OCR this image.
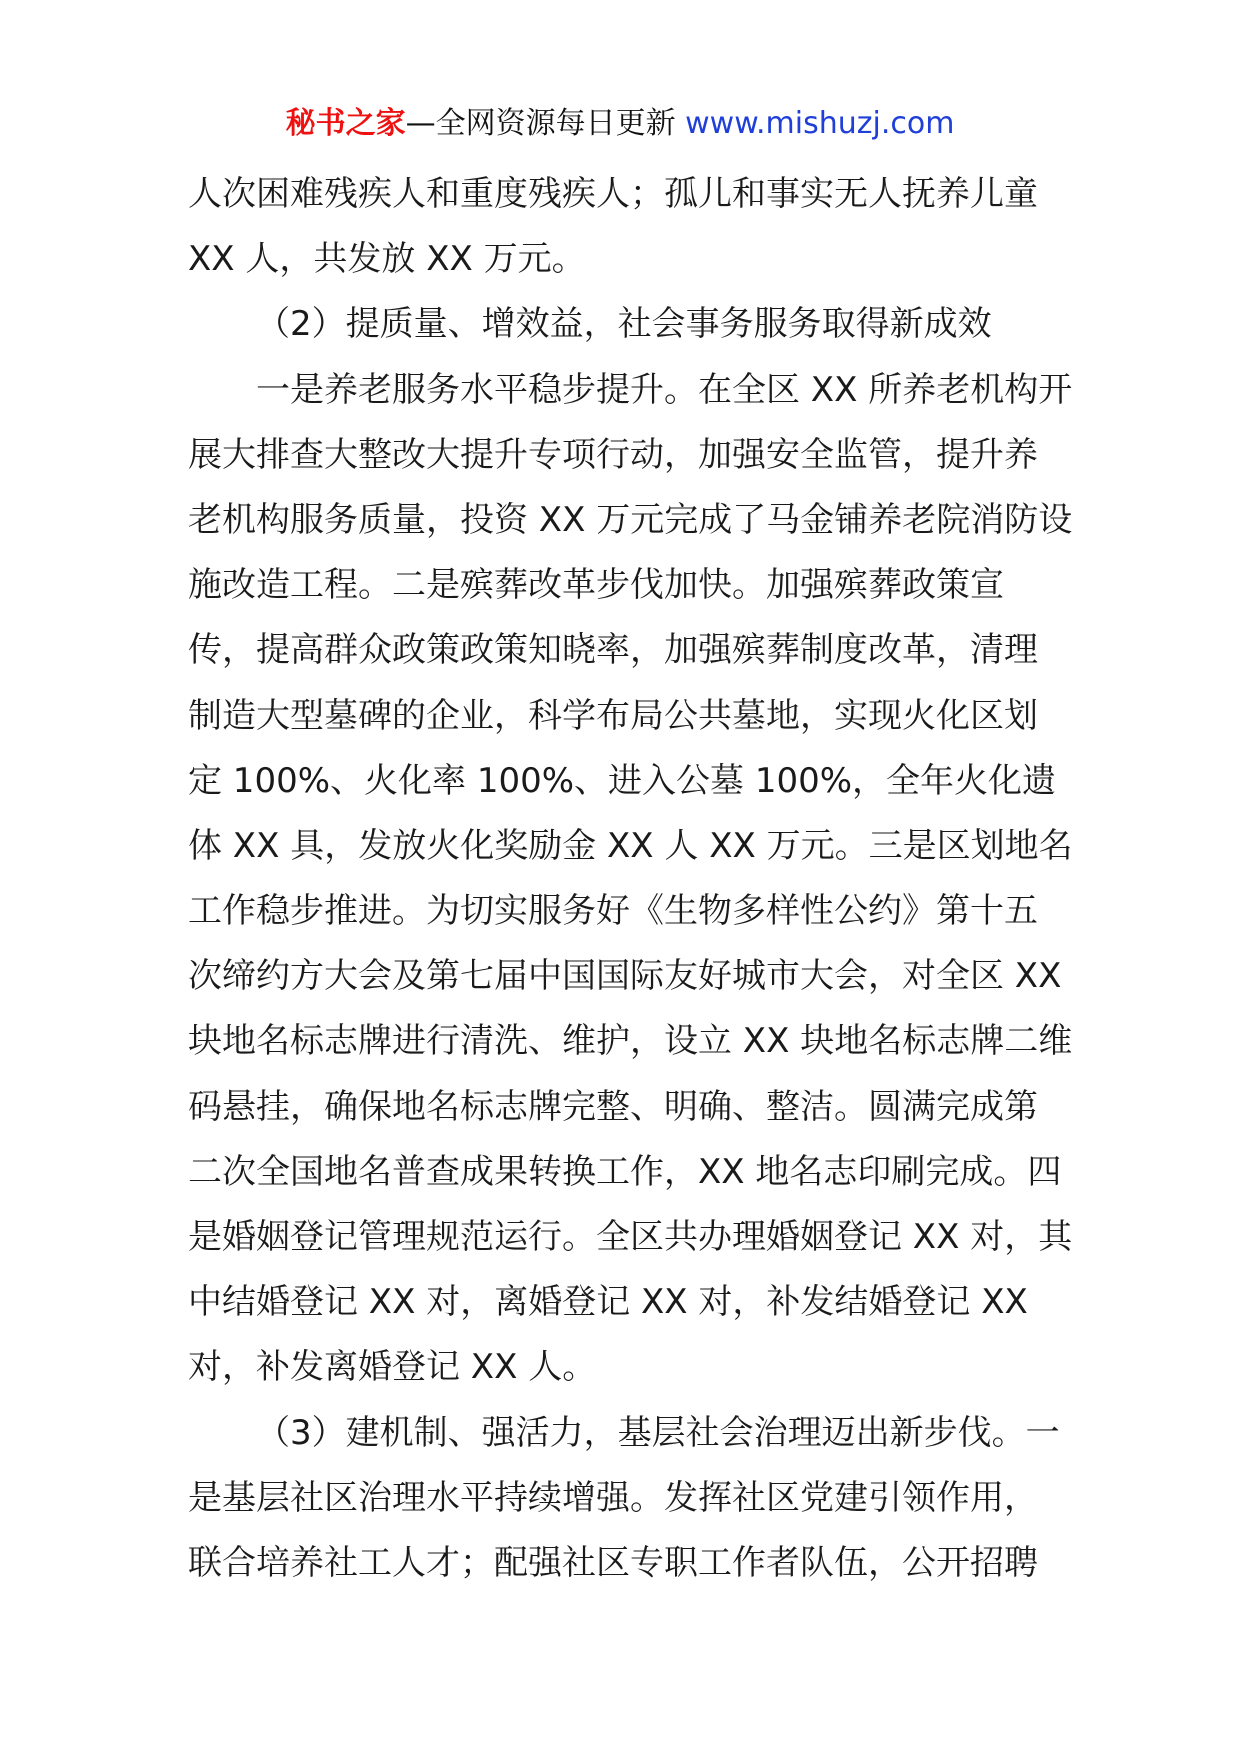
秘书之家—全网资源每日更新 www.mishuzj.com
人次困难残疾人和重度残疾人；孤儿和事实无人抚养儿童
XX 人，共发放 XX 万元。
（2）提质量、增效益，社会事务服务取得新成效
一是养老服务水平稳步提升。在全区 XX 所养老机构开
展大排查大整改大提升专项行动，加强安全监管，提升养
老机构服务质量，投资 XX 万元完成了马金铺养老院消防设
施改造工程。二是殡葬改革步伐加快。加强殡葬政策宣
传，提高群众政策政策知晓率，加强殡葬制度改革，清理
制造大型墓碑的企业，科学布局公共墓地，实现火化区划
定 100%、火化率 100%、进入公墓 100%，全年火化遗
体 XX 具，发放火化奖励金 XX 人 XX 万元。三是区划地名
工作稳步推进。为切实服务好《生物多样性公约》第十五
次缔约方大会及第七届中国国际友好城市大会，对全区 XX
块地名标志牌进行清洗、维护，设立 XX 块地名标志牌二维
码悬挂，确保地名标志牌完整、明确、整洁。圆满完成第
二次全国地名普查成果转换工作，XX 地名志印刷完成。四
是婚姻登记管理规范运行。全区共办理婚姻登记 XX 对，其
中结婚登记 XX 对，离婚登记 XX 对，补发结婚登记 XX
对，补发离婚登记 XX 人。
（3）建机制、强活力，基层社会治理迈出新步伐。一
是基层社区治理水平持续增强。发挥社区党建引领作用，
联合培养社工人才；配强社区专职工作者队伍，公开招聘
